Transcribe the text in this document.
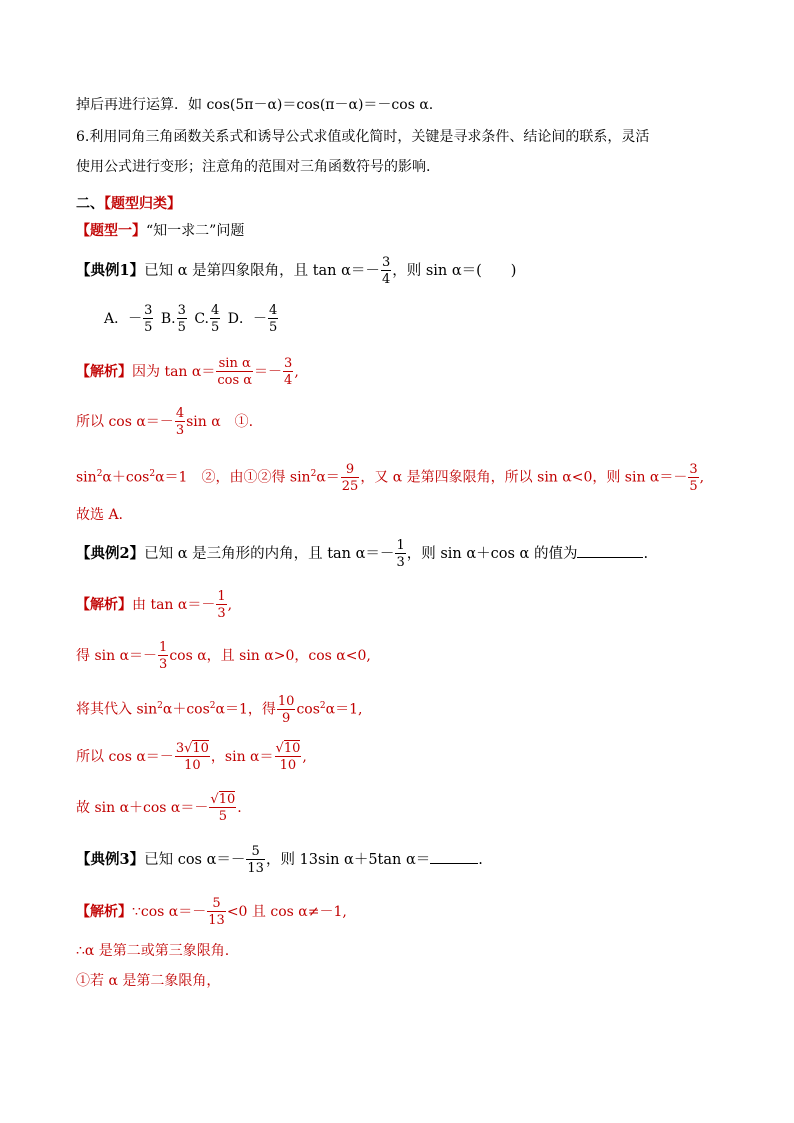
掉后再进行运算．如 cos(5π－α)＝cos(π－α)＝－cos α.
6.利用同角三角函数关系式和诱导公式求值或化简时，关键是寻求条件、结论间的联系，灵活
使用公式进行变形；注意角的范围对三角函数符号的影响.
二、【题型归类】
【题型一】“知一求二”问题
【典例1】已知 α 是第四象限角，且 $\tan \alpha=- \frac{3}{4}$ ，则 sin α＝(　　)
A．－ $\frac{3}{5} B$. $\frac{3}{5} C$. $\frac{4}{5}$ D．－ $\frac{4}{5}$
【解析】因为 $\tan \alpha= \frac{\text{sin α}}{\text{cos α}} =- \frac{3}{4}$ ,
所以 $\cos \alpha=- \frac{4}{3}$ sin α　①.
$\sin^2\alpha+\cos^2\alpha=1$　②，由①②得 $\sin^2\alpha= \frac{9}{25}$ ，又 α 是第四象限角，所以 sin α<0，则 $\sin \alpha=- \frac{3}{5}$ ,
故选 A.
【典例2】已知 α 是三角形的内角，且 $\tan \alpha=- \frac{1}{3}$ ，则 sin α＋cos α 的值为	.
【解析】由 $\tan \alpha=- \frac{1}{3}$ ,
得 $\sin \alpha=- \frac{1}{3}$ cos α，且 sin α>0，cos α<0,
将其代入 $\sin^2\alpha+\cos^2\alpha=1$，得 $\frac{10}{9} \cos^2\alpha=1$,
所以 $\cos \alpha=- \frac{3√10}{10}$ ，$\sin \alpha= \frac{√10}{10}$ ,
故 sin α＋cos $\alpha=- \frac{√10}{5}$ .
【典例3】已知 $\cos \alpha=- \frac{5}{13}$ ，则 13sin α＋5tan α＝	.
【解析】∵cos $\alpha=- \frac{5}{13} <0$ 且 cos α≠－1,
∴α 是第二或第三象限角.
①若 α 是第二象限角，
